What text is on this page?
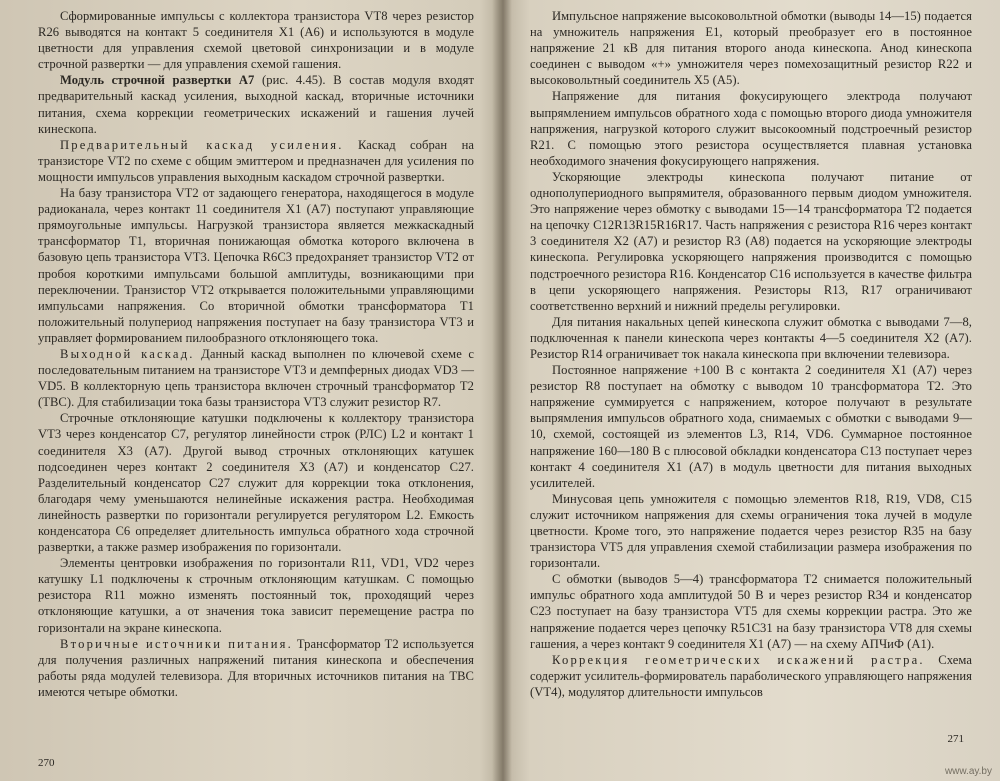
Сформированные импульсы с коллектора транзистора VT8 через резистор R26 выводятся на контакт 5 соединителя X1 (А6) и используются в модуле цветности для управления схемой цветовой синхронизации и в модуле строчной развертки — для управления схемой гашения.

Модуль строчной развертки А7 (рис. 4.45). В состав модуля входят предварительный каскад усиления, выходной каскад, вторичные источники питания, схема коррекции геометрических искажений и гашения лучей кинескопа.

Предварительный каскад усиления. Каскад собран на транзисторе VT2 по схеме с общим эмиттером и предназначен для усиления по мощности импульсов управления выходным каскадом строчной развертки.

На базу транзистора VT2 от задающего генератора, находящегося в модуле радиоканала, через контакт 11 соединителя X1 (А7) поступают управляющие прямоугольные импульсы. Нагрузкой транзистора является межкаскадный трансформатор T1, вторичная понижающая обмотка которого включена в базовую цепь транзистора VT3. Цепочка R6C3 предохраняет транзистор VT2 от пробоя короткими импульсами большой амплитуды, возникающими при переключении. Транзистор VT2 открывается положительными управляющими импульсами напряжения. Со вторичной обмотки трансформатора T1 положительный полупериод напряжения поступает на базу транзистора VT3 и управляет формированием пилообразного отклоняющего тока.

Выходной каскад. Данный каскад выполнен по ключевой схеме с последовательным питанием на транзисторе VT3 и демпферных диодах VD3 — VD5. В коллекторную цепь транзистора включен строчный трансформатор T2 (ТВС). Для стабилизации тока базы транзистора VT3 служит резистор R7.

Строчные отклоняющие катушки подключены к коллектору транзистора VT3 через конденсатор C7, регулятор линейности строк (РЛС) L2 и контакт 1 соединителя X3 (А7). Другой вывод строчных отклоняющих катушек подсоединен через контакт 2 соединителя X3 (А7) и конденсатор C27. Разделительный конденсатор C27 служит для коррекции тока отклонения, благодаря чему уменьшаются нелинейные искажения растра. Необходимая линейность развертки по горизонтали регулируется регулятором L2. Емкость конденсатора C6 определяет длительность импульса обратного хода строчной развертки, а также размер изображения по горизонтали.

Элементы центровки изображения по горизонтали R11, VD1, VD2 через катушку L1 подключены к строчным отклоняющим катушкам. С помощью резистора R11 можно изменять постоянный ток, проходящий через отклоняющие катушки, а от значения тока зависит перемещение растра по горизонтали на экране кинескопа.

Вторичные источники питания. Трансформатор T2 используется для получения различных напряжений питания кинескопа и обеспечения работы ряда модулей телевизора. Для вторичных источников питания на ТВС имеются четыре обмотки.

270

Импульсное напряжение высоковольтной обмотки (выводы 14—15) подается на умножитель напряжения E1, который преобразует его в постоянное напряжение 21 кВ для питания второго анода кинескопа. Анод кинескопа соединен с выводом «+» умножителя через помехозащитный резистор R22 и высоковольтный соединитель X5 (А5).

Напряжение для питания фокусирующего электрода получают выпрямлением импульсов обратного хода с помощью второго диода умножителя напряжения, нагрузкой которого служит высокоомный подстроечный резистор R21. С помощью этого резистора осуществляется плавная установка необходимого значения фокусирующего напряжения.

Ускоряющие электроды кинескопа получают питание от однополупериодного выпрямителя, образованного первым диодом умножителя. Это напряжение через обмотку с выводами 15—14 трансформатора T2 подается на цепочку C12R13R15R16R17. Часть напряжения с резистора R16 через контакт 3 соединителя X2 (А7) и резистор R3 (А8) подается на ускоряющие электроды кинескопа. Регулировка ускоряющего напряжения производится с помощью подстроечного резистора R16. Конденсатор C16 используется в качестве фильтра в цепи ускоряющего напряжения. Резисторы R13, R17 ограничивают соответственно верхний и нижний пределы регулировки.

Для питания накальных цепей кинескопа служит обмотка с выводами 7—8, подключенная к панели кинескопа через контакты 4—5 соединителя X2 (А7). Резистор R14 ограничивает ток накала кинескопа при включении телевизора.

Постоянное напряжение +100 В с контакта 2 соединителя X1 (А7) через резистор R8 поступает на обмотку с выводом 10 трансформатора T2. Это напряжение суммируется с напряжением, которое получают в результате выпрямления импульсов обратного хода, снимаемых с обмотки с выводами 9—10, схемой, состоящей из элементов L3, R14, VD6. Суммарное постоянное напряжение 160—180 В с плюсовой обкладки конденсатора C13 поступает через контакт 4 соединителя X1 (А7) в модуль цветности для питания выходных усилителей.

Минусовая цепь умножителя с помощью элементов R18, R19, VD8, C15 служит источником напряжения для схемы ограничения тока лучей в модуле цветности. Кроме того, это напряжение подается через резистор R35 на базу транзистора VT5 для управления схемой стабилизации размера изображения по горизонтали.

С обмотки (выводов 5—4) трансформатора T2 снимается положительный импульс обратного хода амплитудой 50 В и через резистор R34 и конденсатор C23 поступает на базу транзистора VT5 для схемы коррекции растра. Это же напряжение подается через цепочку R51C31 на базу транзистора VT8 для схемы гашения, а через контакт 9 соединителя X1 (А7) — на схему АПЧиФ (А1).

Коррекция геометрических искажений растра. Схема содержит усилитель-формирователь параболического управляющего напряжения (VT4), модулятор длительности импульсов

271
www.ay.by
